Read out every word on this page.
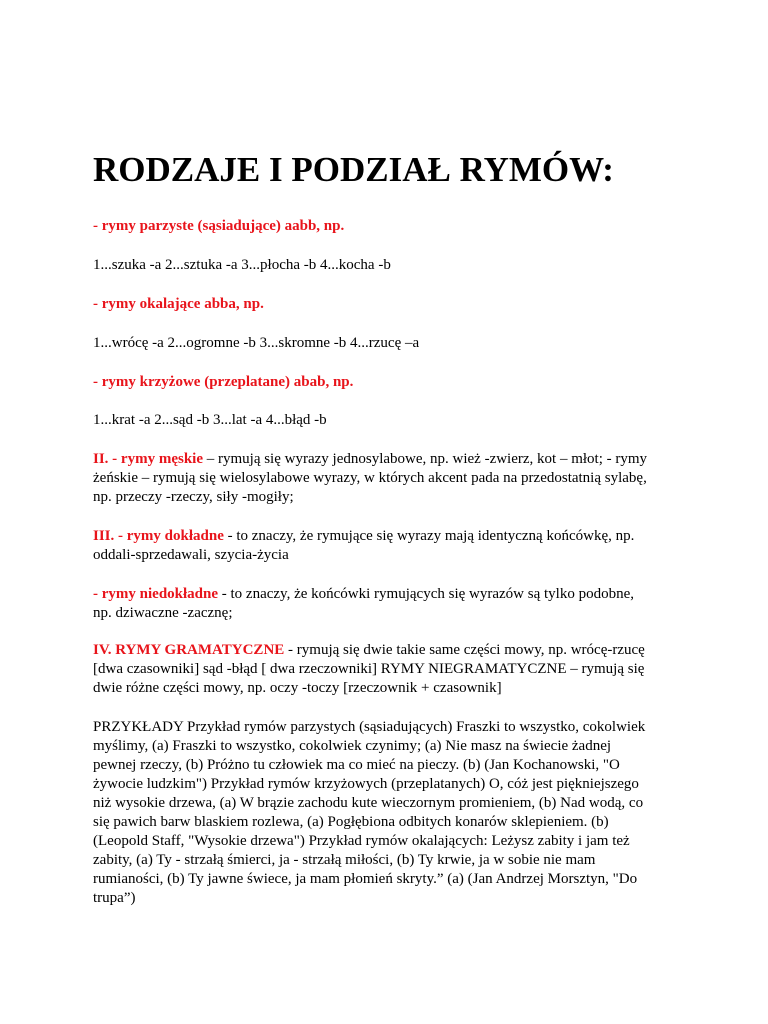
RODZAJE I PODZIAŁ RYMÓW:

- rymy parzyste (sąsiadujące) aabb, np.

1...szuka -a 2...sztuka -a 3...płocha -b 4...kocha -b

- rymy okalające abba, np.

1...wrócę -a 2...ogromne -b 3...skromne -b 4...rzucę –a

- rymy krzyżowe (przeplatane) abab, np.

1...krat -a 2...sąd -b 3...lat -a 4...błąd -b

II. - rymy męskie – rymują się wyrazy jednosylabowe, np. wież -zwierz, kot – młot; - rymy
żeńskie – rymują się wielosylabowe wyrazy, w których akcent pada na przedostatnią sylabę,
np. przeczy -rzeczy, siły -mogiły;

III. - rymy dokładne - to znaczy, że rymujące się wyrazy mają identyczną końcówkę, np.
oddali-sprzedawali, szycia-życia

- rymy niedokładne - to znaczy, że końcówki rymujących się wyrazów są tylko podobne,
np. dziwaczne -zacznę;

IV. RYMY GRAMATYCZNE - rymują się dwie takie same części mowy, np. wrócę-rzucę
[dwa czasowniki] sąd -błąd [ dwa rzeczowniki] RYMY NIEGRAMATYCZNE – rymują się
dwie różne części mowy, np. oczy -toczy [rzeczownik + czasownik]

PRZYKŁADY Przykład rymów parzystych (sąsiadujących) Fraszki to wszystko, cokolwiek
myślimy, (a) Fraszki to wszystko, cokolwiek czynimy; (a) Nie masz na świecie żadnej
pewnej rzeczy, (b) Próżno tu człowiek ma co mieć na pieczy. (b) (Jan Kochanowski, "O
żywocie ludzkim") Przykład rymów krzyżowych (przeplatanych) O, cóż jest piękniejszego
niż wysokie drzewa, (a) W brązie zachodu kute wieczornym promieniem, (b) Nad wodą, co
się pawich barw blaskiem rozlewa, (a) Pogłębiona odbitych konarów sklepieniem. (b)
(Leopold Staff, "Wysokie drzewa") Przykład rymów okalających: Leżysz zabity i jam też
zabity, (a) Ty - strzałą śmierci, ja - strzałą miłości, (b) Ty krwie, ja w sobie nie mam
rumianości, (b) Ty jawne świece, ja mam płomień skryty.” (a) (Jan Andrzej Morsztyn, "Do
trupa”)
